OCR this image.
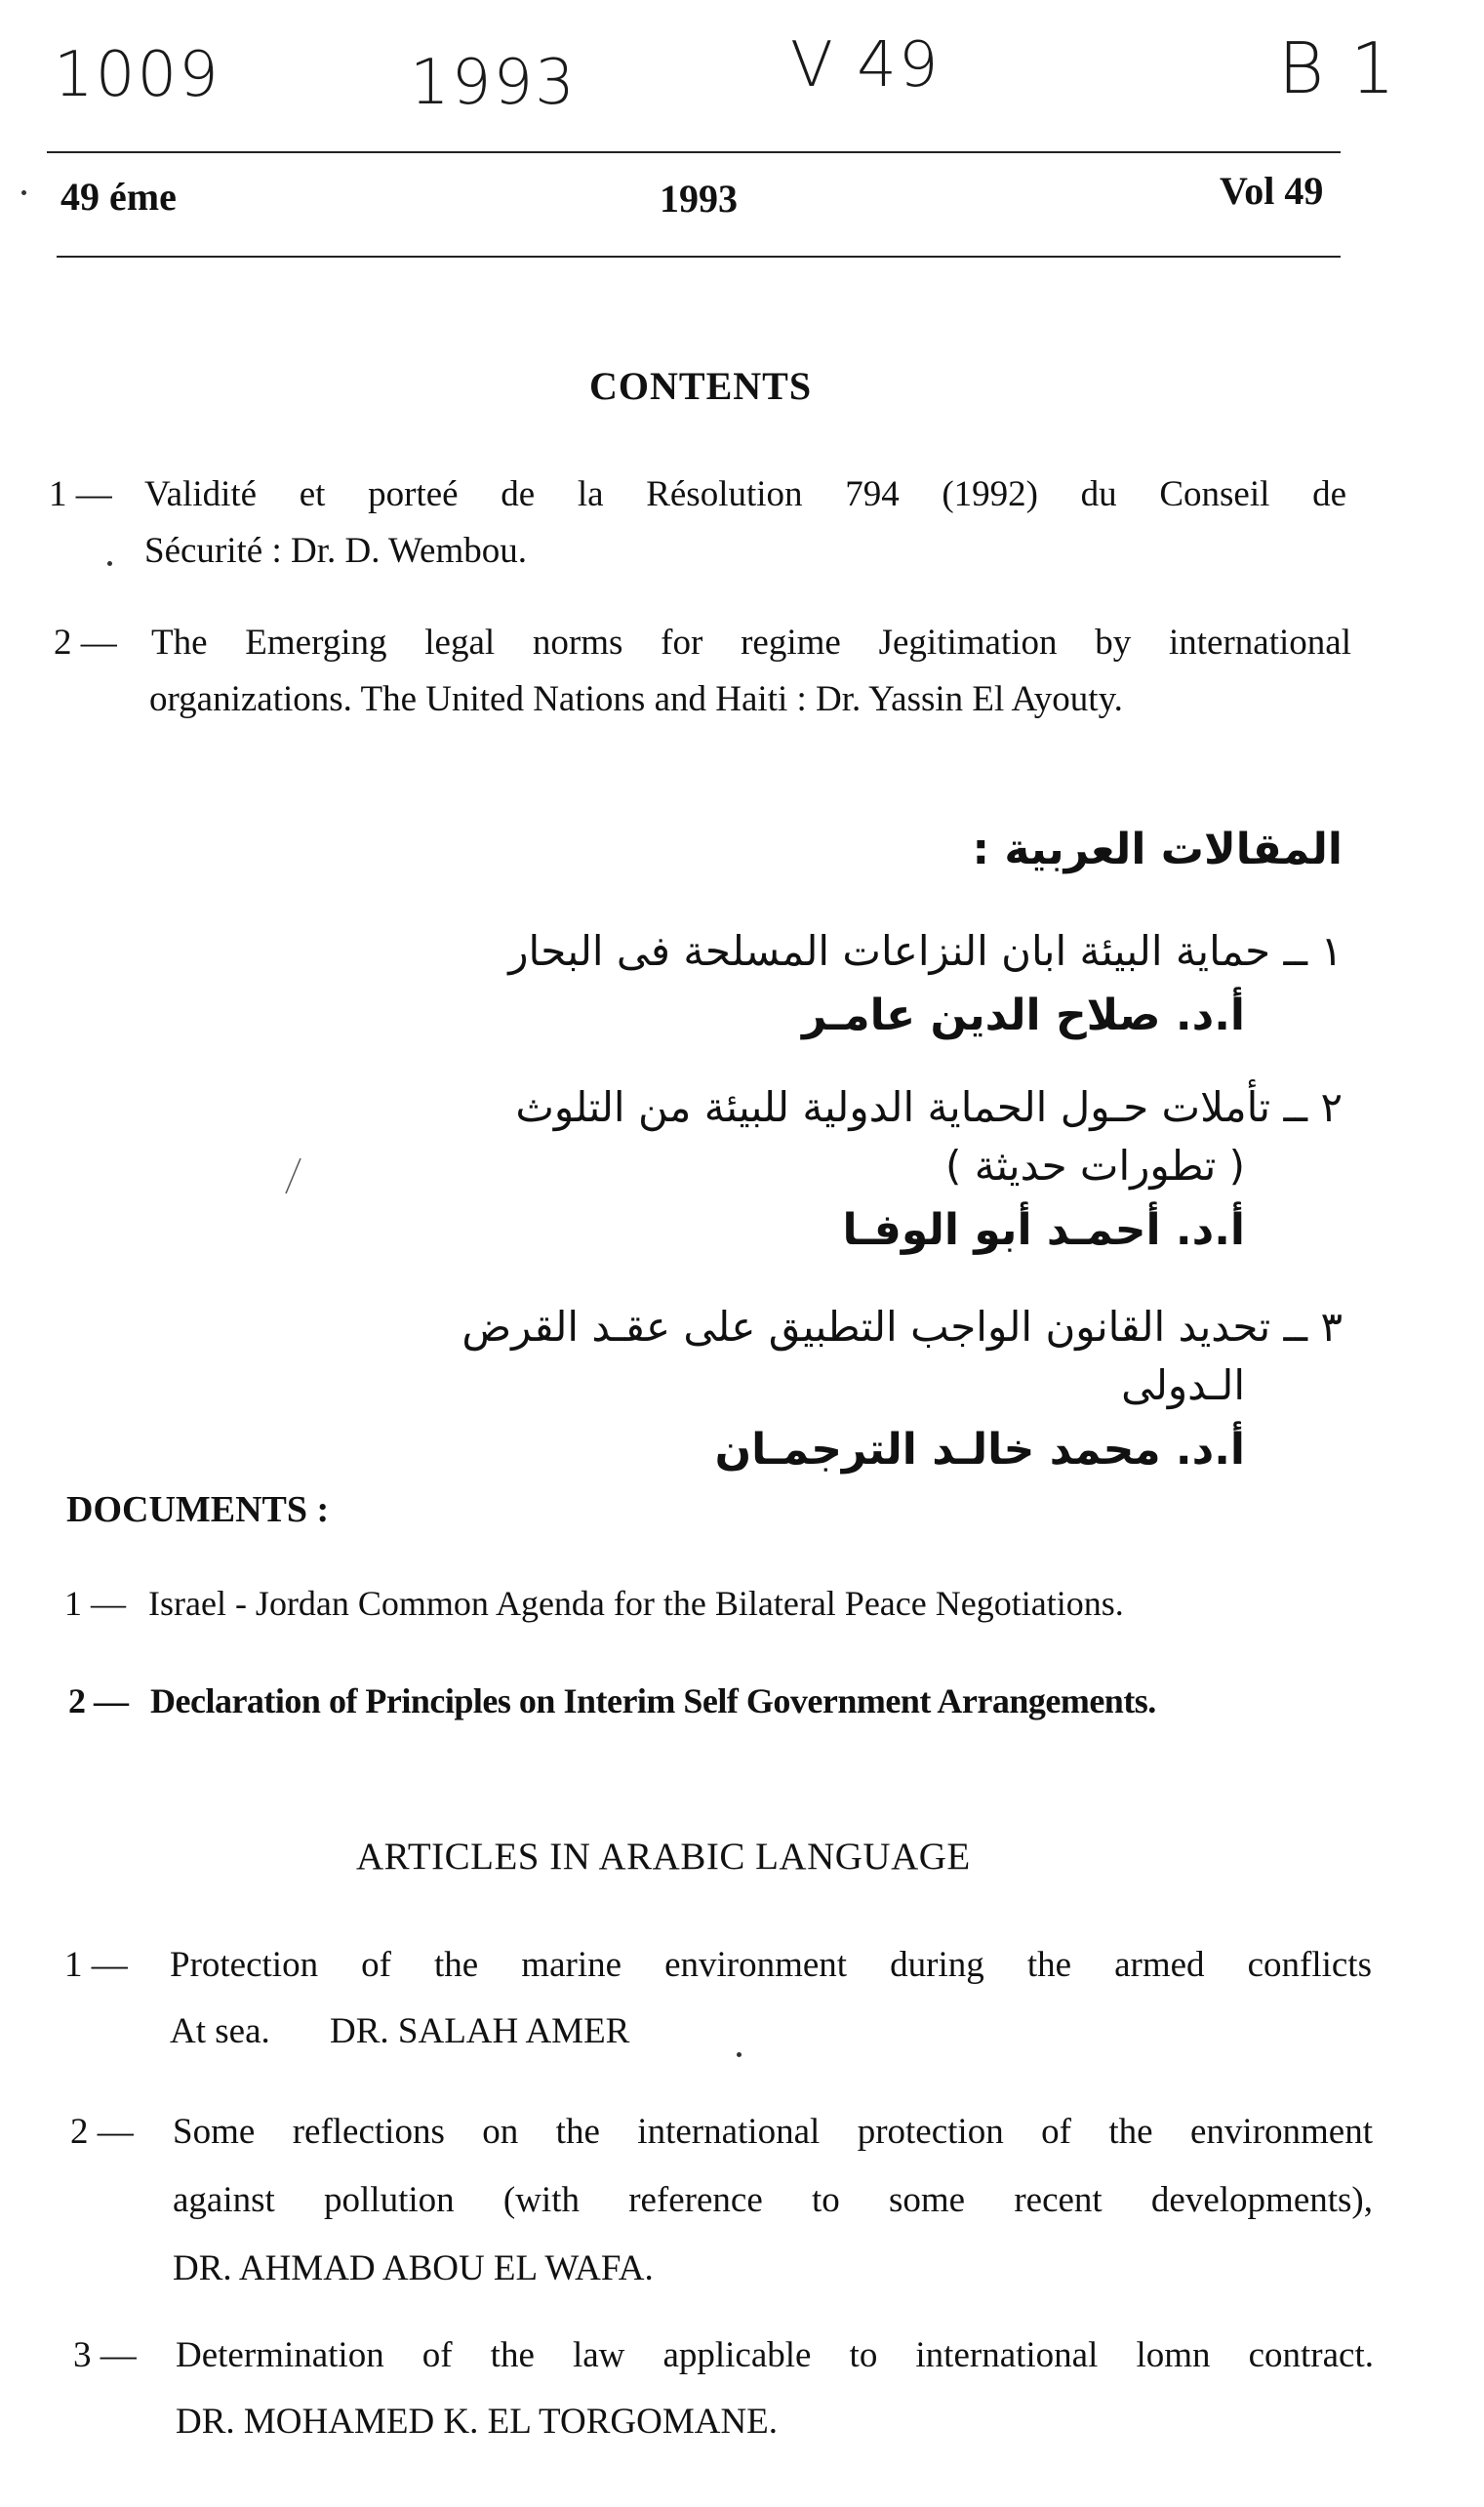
1009	1993	V 49	B 1
49 éme	1993	Vol 49
CONTENTS
1 — Validité et porteé de la Résolution 794 (1992) du Conseil de
Sécurité : Dr. D. Wembou.
2 — The Emerging legal norms for regime Jegitimation by international
organizations. The United Nations and Haiti : Dr. Yassin El Ayouty.
المقالات العربية :
١ ــ حماية البيئة ابان النزاعات المسلحة فى البحار
أ.د. صلاح الدين عامـر
٢ ــ تأملات حـول الحماية الدولية للبيئة من التلوث
( تطورات حديثة )
أ.د. أحمـد أبو الوفـا
٣ ــ تحديد القانون الواجب التطبيق على عقـد القرض
الـدولى
أ.د. محمد خالـد الترجمـان
DOCUMENTS :
1 — Israel - Jordan Common Agenda for the Bilateral Peace Negotiations.
2 — Declaration of Principles on Interim Self Government Arrangements.
ARTICLES IN ARABIC LANGUAGE
1 — Protection of the marine environment during the armed conflicts
At sea. DR. SALAH AMER
2 — Some reflections on the international protection of the environment
against pollution (with reference to some recent developments),
DR. AHMAD ABOU EL WAFA.
3 — Determination of the law applicable to international lomn contract.
DR. MOHAMED K. EL TORGOMANE.
